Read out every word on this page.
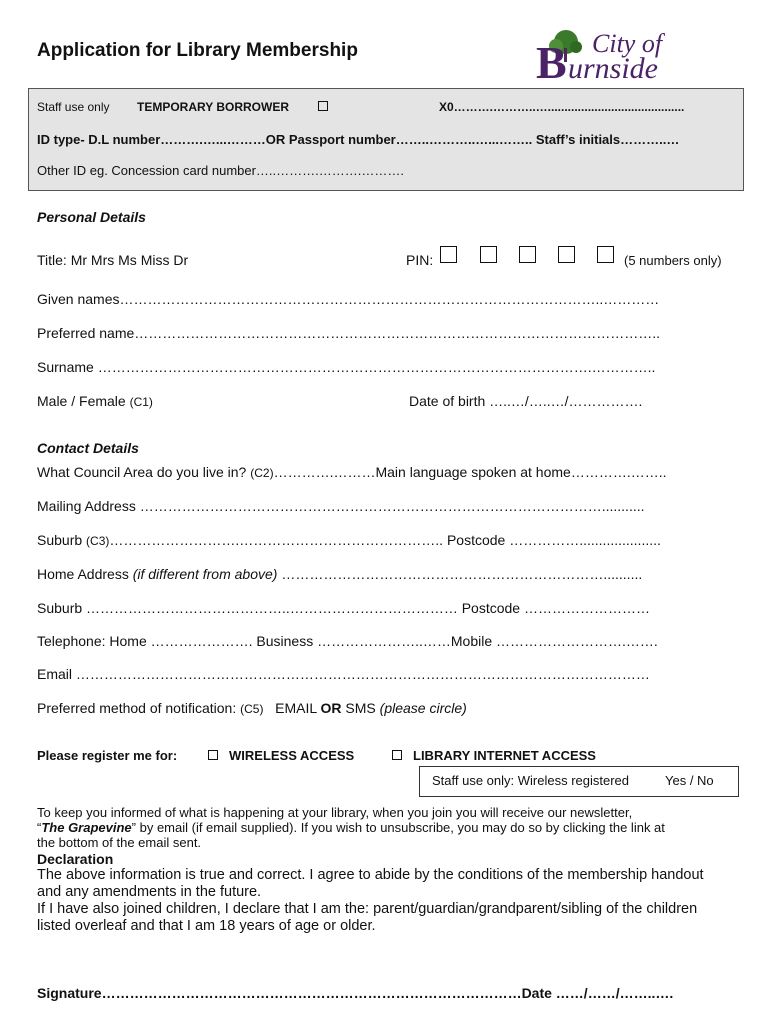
Application for Library Membership	B City of
urnside
Staff use only TEMPORARY BORROWER	X0……….………..….........................................
ID type- D.L number……….…...………OR Passport number……..………..…...…….. Staff’s initials………..…
Other ID eg. Concession card number…..……….……….……….
Personal Details
Title: Mr Mrs Ms Miss Dr	PIN:	(5 numbers only)
Given names…………………………………………………………………………………………..…………
Preferred name…………………………………………………………………………………………………..
Surname …………………………………………………………………………………………….…………..
Male / Female (C1)	Date of birth …..…/…..…/…………….
Contact Details
What Council Area do you live in? (C2)………….………Main language spoken at home………….……..
Mailing Address ………………………………………………………………………………………...........
Suburb (C3)……………………….…………………………………….. Postcode …………….....................
Home Address (if different from above) ……………………………………………………………..........
Suburb ……………………………………..……………………………… Postcode ………………………
Telephone: Home …………………. Business …………………..……Mobile ……………………….…….
Email ……………………………………………………………………………………………………………
Preferred method of notification: (C5) EMAIL OR SMS (please circle)
Please register me for:	WIRELESS ACCESS	LIBRARY INTERNET ACCESS
Staff use only: Wireless registered	Yes / No
To keep you informed of what is happening at your library, when you join you will receive our newsletter,
“The Grapevine” by email (if email supplied). If you wish to unsubscribe, you may do so by clicking the link at
the bottom of the email sent.
Declaration
The above information is true and correct. I agree to abide by the conditions of the membership handout and any amendments in the future.
If I have also joined children, I declare that I am the: parent/guardian/grandparent/sibling of the children listed overleaf and that I am 18 years of age or older.
Signature………………………………………………………………………………Date ……/……/……..….
